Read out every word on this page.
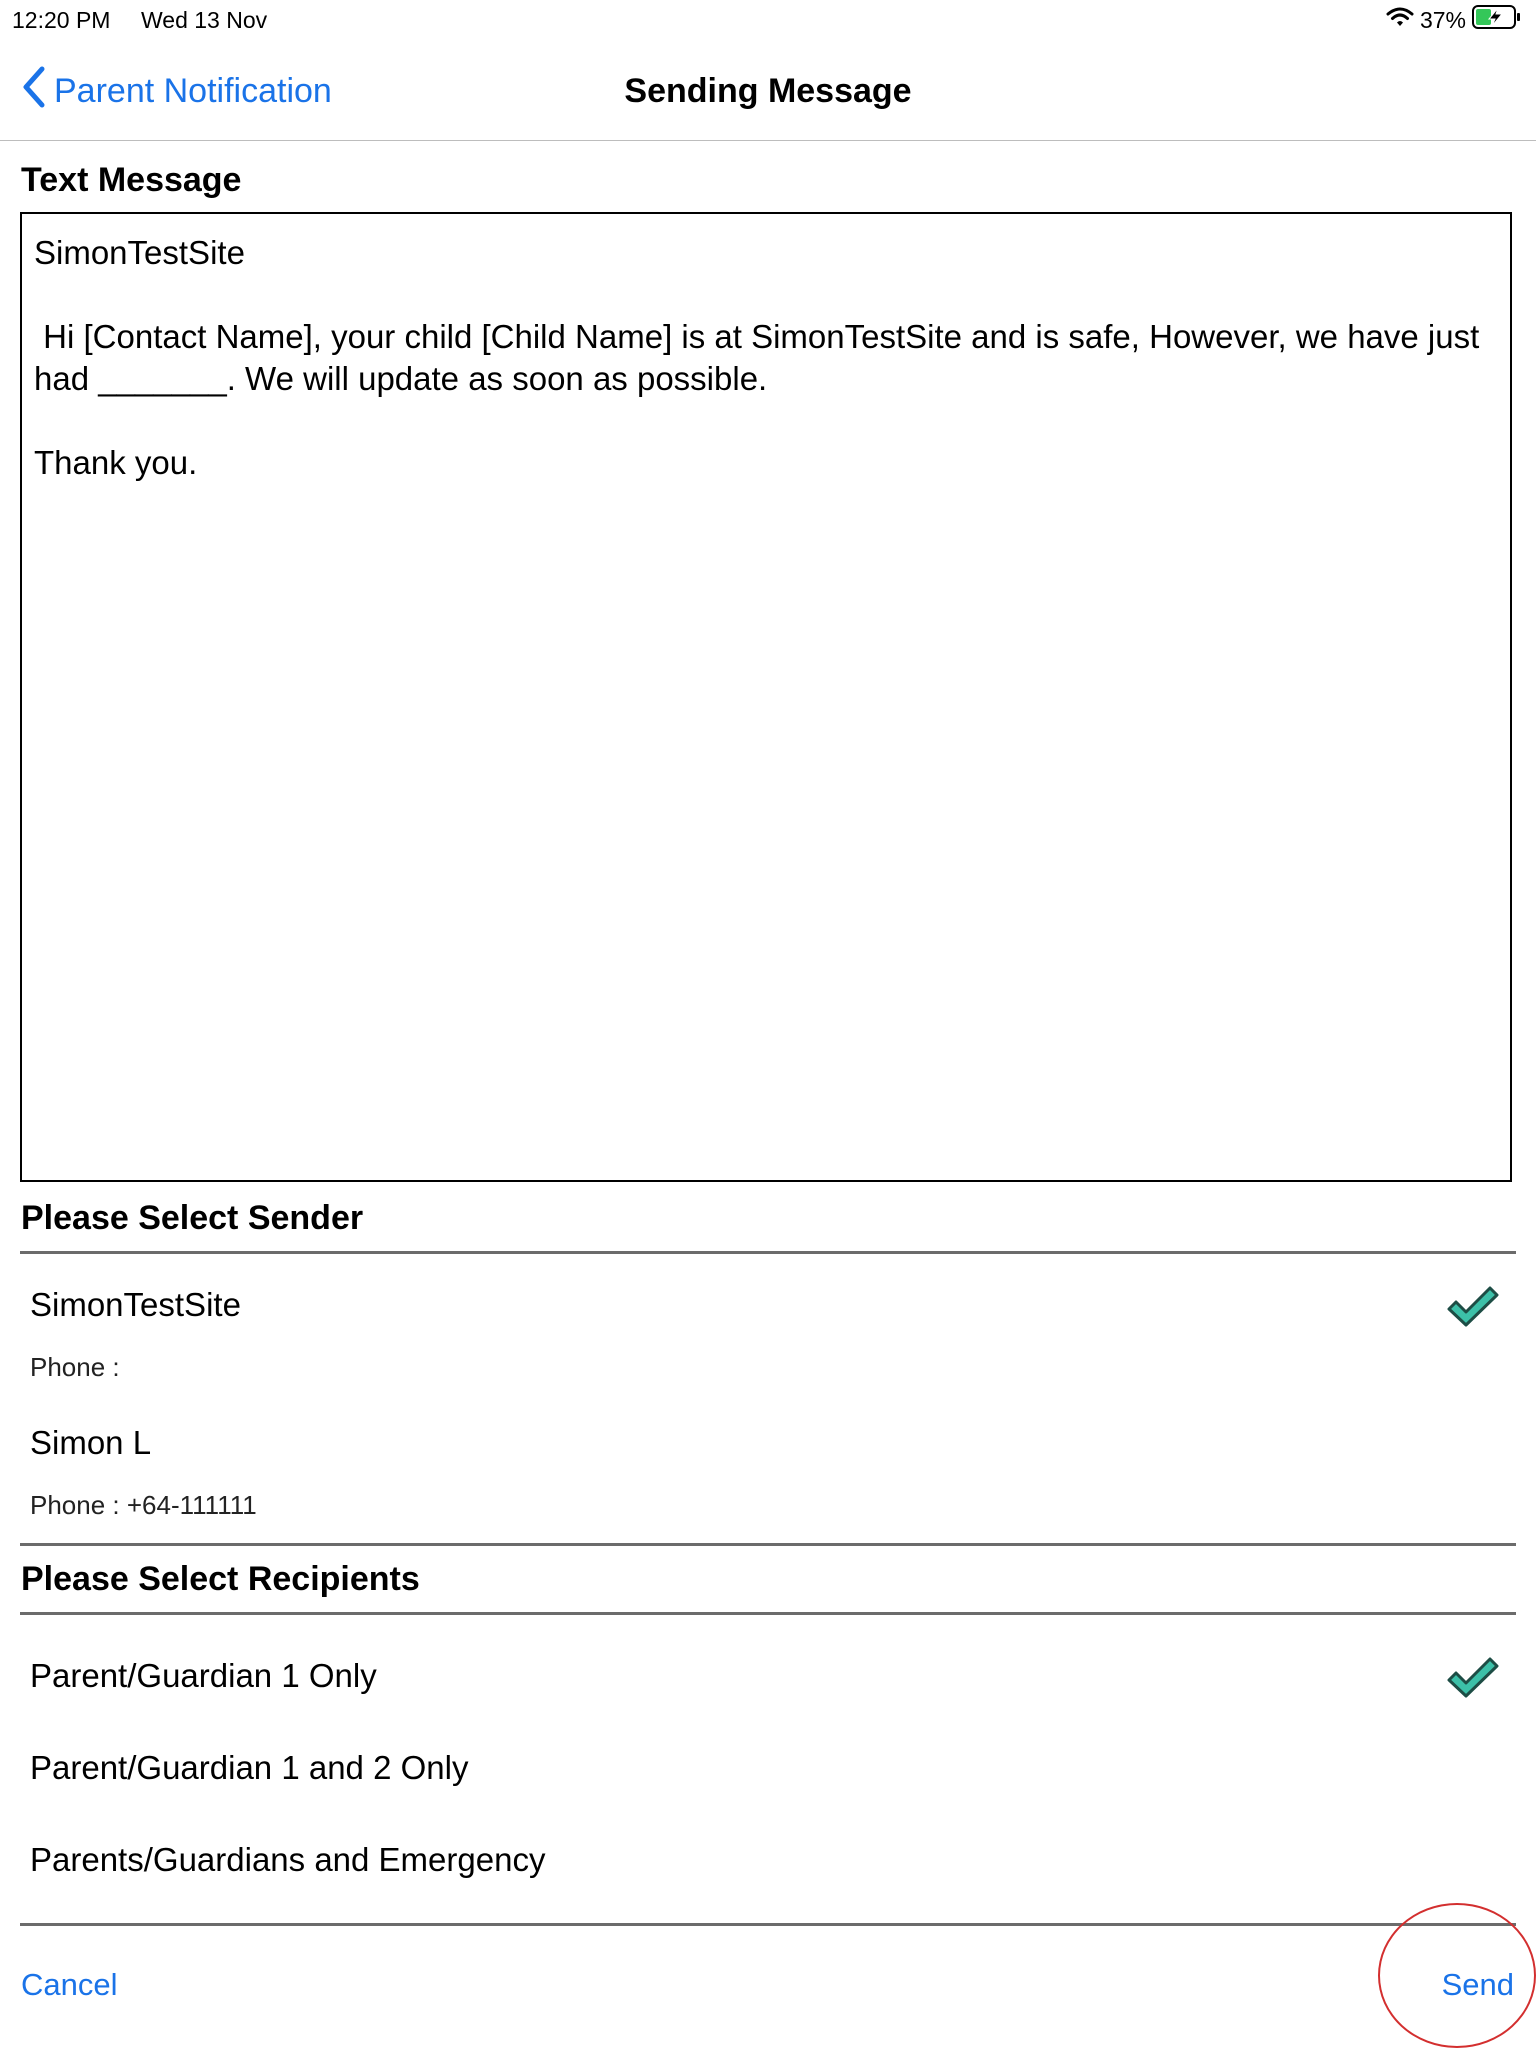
12:20 PM Wed 13 Nov	37%
Parent Notification	Sending Message
Text Message
SimonTestSite

Hi [Contact Name], your child [Child Name] is at SimonTestSite and is safe, However, we have just had _______. We will update as soon as possible.

Thank you.
Please Select Sender
SimonTestSite
Phone :
Simon L
Phone : +64-111111
Please Select Recipients
Parent/Guardian 1 Only
Parent/Guardian 1 and 2 Only
Parents/Guardians and Emergency
Cancel	Send
